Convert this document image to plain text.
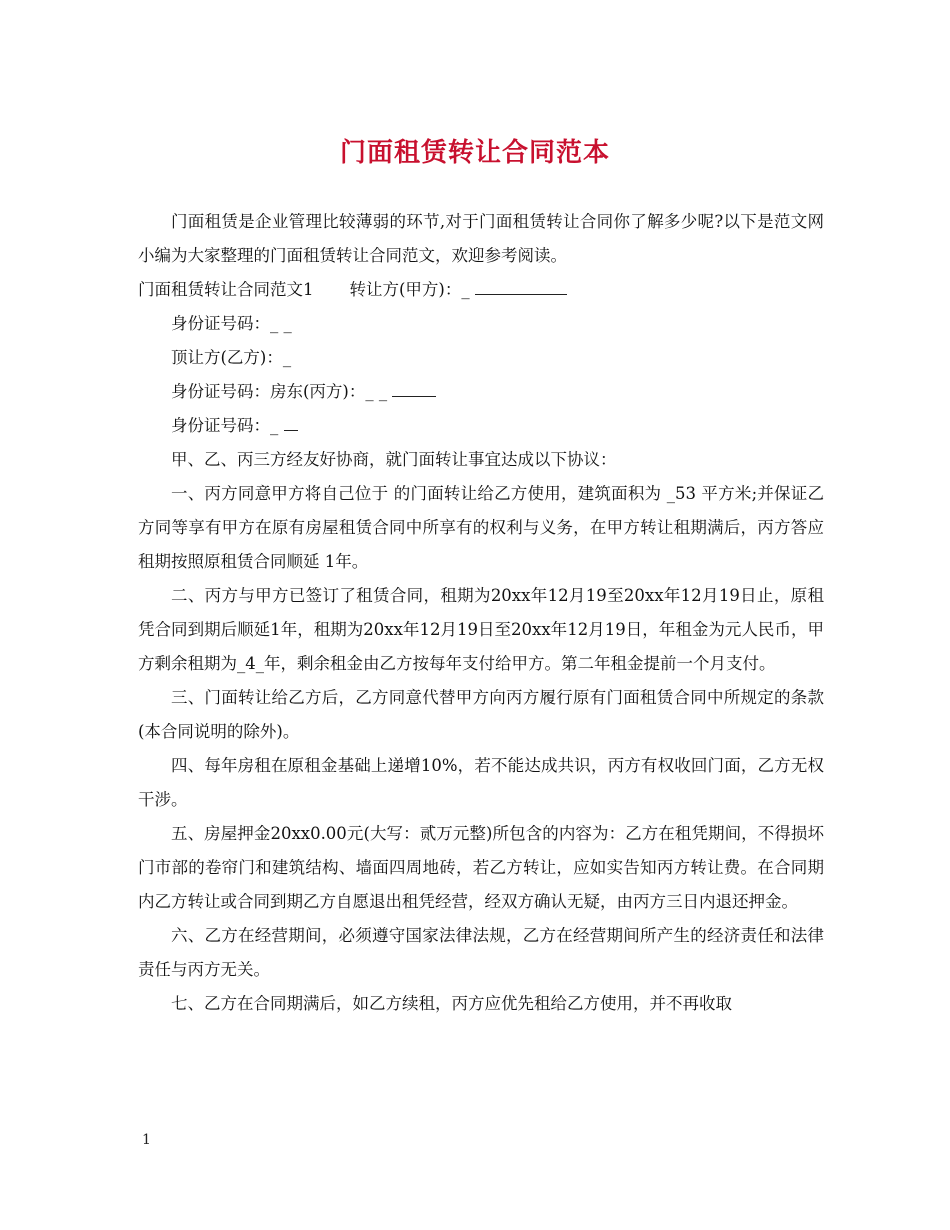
门面租赁转让合同范本

门面租赁是企业管理比较薄弱的环节,对于门面租赁转让合同你了解多少呢?以下是范文网小编为大家整理的门面租赁转让合同范文，欢迎参考阅读。

门面租赁转让合同范文1 转让方(甲方)：_

身份证号码：_ _

顶让方(乙方)：_

身份证号码：房东(丙方)：_ _

身份证号码：_

甲、乙、丙三方经友好协商，就门面转让事宜达成以下协议：

一、丙方同意甲方将自己位于 的门面转让给乙方使用，建筑面积为 _53 平方米;并保证乙方同等享有甲方在原有房屋租赁合同中所享有的权利与义务，在甲方转让租期满后，丙方答应租期按照原租赁合同顺延 1年。

二、丙方与甲方已签订了租赁合同，租期为20xx年12月19至20xx年12月19日止，原租凭合同到期后顺延1年，租期为20xx年12月19日至20xx年12月19日，年租金为元人民币，甲方剩余租期为_4_年，剩余租金由乙方按每年支付给甲方。第二年租金提前一个月支付。

三、门面转让给乙方后，乙方同意代替甲方向丙方履行原有门面租赁合同中所规定的条款(本合同说明的除外)。

四、每年房租在原租金基础上递增10%，若不能达成共识，丙方有权收回门面，乙方无权干涉。

五、房屋押金20xx0.00元(大写：贰万元整)所包含的内容为：乙方在租凭期间，不得损坏门市部的卷帘门和建筑结构、墙面四周地砖，若乙方转让，应如实告知丙方转让费。在合同期内乙方转让或合同到期乙方自愿退出租凭经营，经双方确认无疑，由丙方三日内退还押金。

六、乙方在经营期间，必须遵守国家法律法规，乙方在经营期间所产生的经济责任和法律责任与丙方无关。

七、乙方在合同期满后，如乙方续租，丙方应优先租给乙方使用，并不再收取

1
